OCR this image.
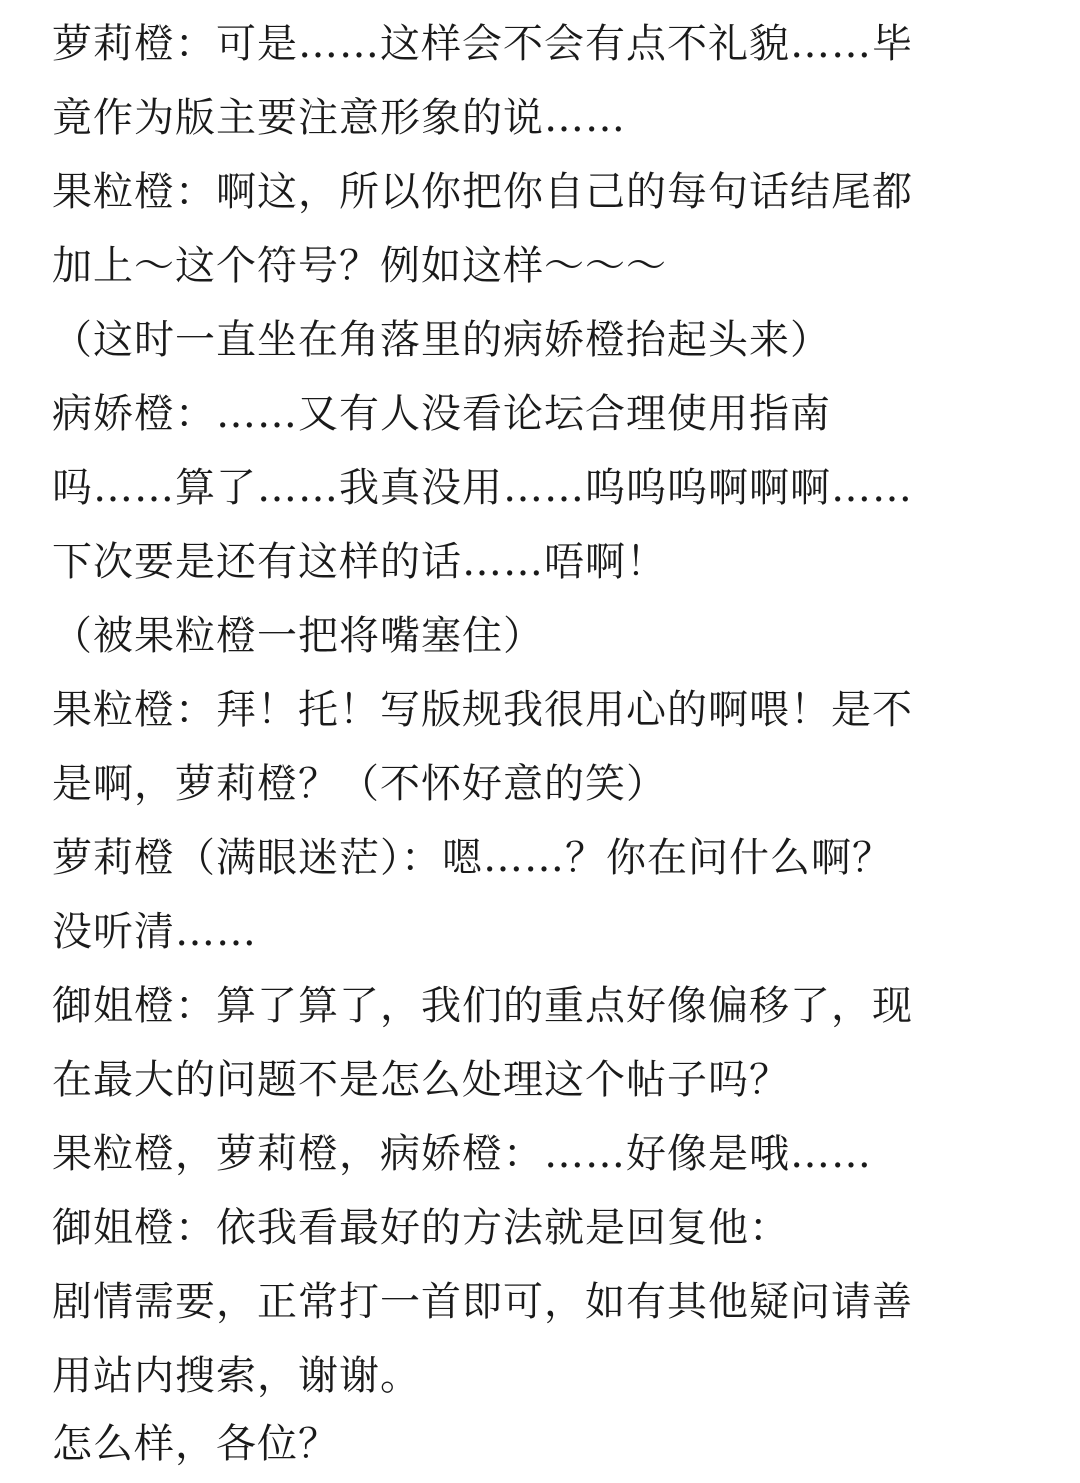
萝莉橙：可是……这样会不会有点不礼貌……毕
竟作为版主要注意形象的说……
果粒橙：啊这，所以你把你自己的每句话结尾都
加上～这个符号？例如这样～～～
（这时一直坐在角落里的病娇橙抬起头来）
病娇橙：……又有人没看论坛合理使用指南
吗……算了……我真没用……呜呜呜啊啊啊……
下次要是还有这样的话……唔啊！
（被果粒橙一把将嘴塞住）
果粒橙：拜！托！写版规我很用心的啊喂！是不
是啊，萝莉橙？（不怀好意的笑）
萝莉橙（满眼迷茫）：嗯……？你在问什么啊？
没听清……
御姐橙：算了算了，我们的重点好像偏移了，现
在最大的问题不是怎么处理这个帖子吗？
果粒橙，萝莉橙，病娇橙：……好像是哦……
御姐橙：依我看最好的方法就是回复他：
剧情需要，正常打一首即可，如有其他疑问请善
用站内搜索，谢谢。
怎么样，各位？
